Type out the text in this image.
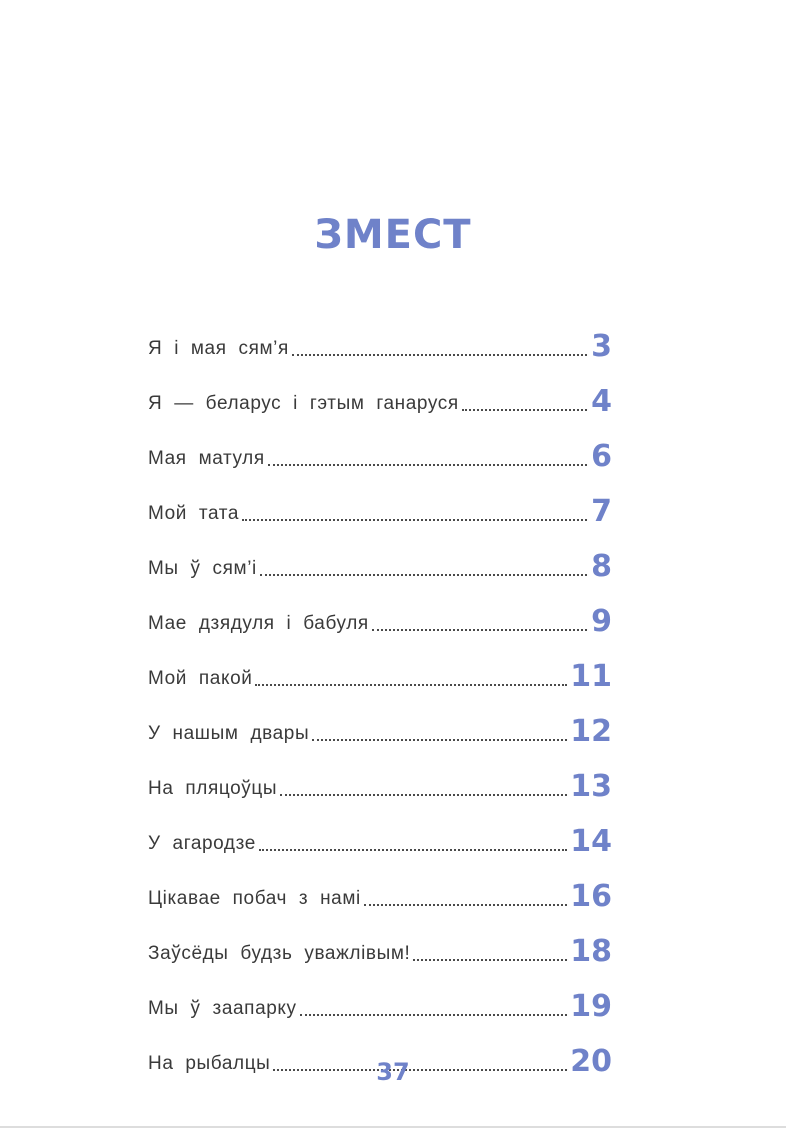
ЗМЕСТ
Я і мая сям’я	3
Я — беларус і гэтым ганаруся	4
Мая матуля	6
Мой тата	7
Мы ў сям’і	8
Мае дзядуля і бабуля	9
Мой пакой	11
У нашым двары	12
На пляцоўцы	13
У агародзе	14
Цікавае побач з намі	16
Заўсёды будзь уважлівым!	18
Мы ў заапарку	19
На рыбалцы	20
37
